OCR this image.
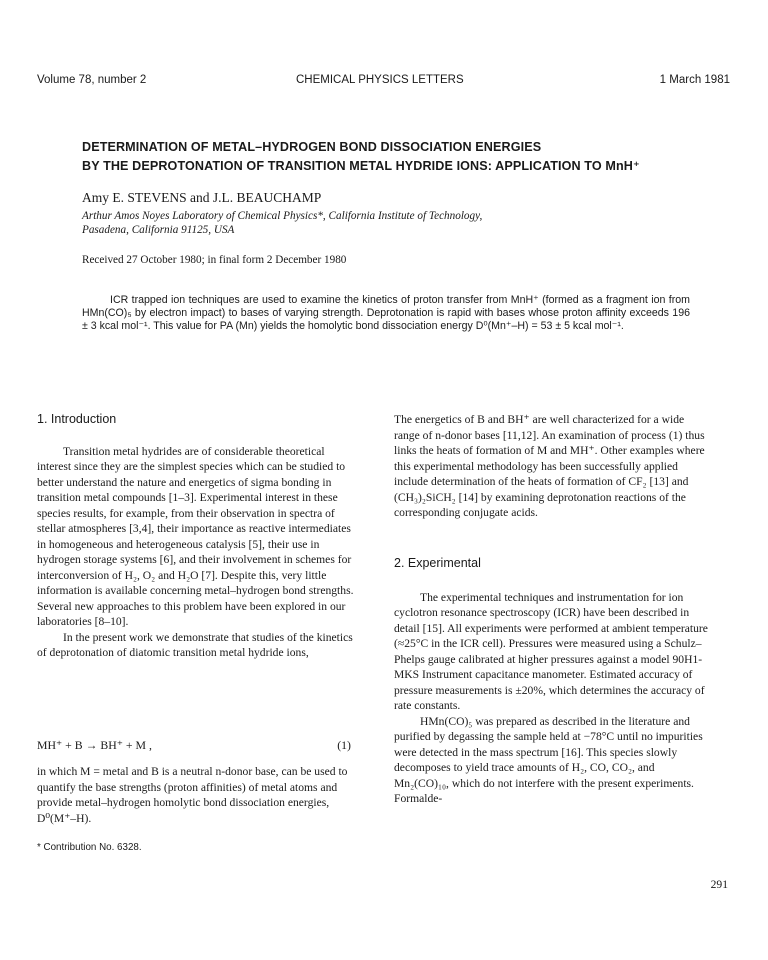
Volume 78, number 2	CHEMICAL PHYSICS LETTERS	1 March 1981
DETERMINATION OF METAL–HYDROGEN BOND DISSOCIATION ENERGIES
BY THE DEPROTONATION OF TRANSITION METAL HYDRIDE IONS: APPLICATION TO MnH⁺
Amy E. STEVENS and J.L. BEAUCHAMP
Arthur Amos Noyes Laboratory of Chemical Physics*, California Institute of Technology,
Pasadena, California 91125, USA
Received 27 October 1980; in final form 2 December 1980
ICR trapped ion techniques are used to examine the kinetics of proton transfer from MnH⁺ (formed as a fragment ion from HMn(CO)₅ by electron impact) to bases of varying strength. Deprotonation is rapid with bases whose proton affinity exceeds 196 ± 3 kcal mol⁻¹. This value for PA (Mn) yields the homolytic bond dissociation energy D⁰(Mn⁺–H) = 53 ± 5 kcal mol⁻¹.
1. Introduction

Transition metal hydrides are of considerable theoretical interest since they are the simplest species which can be studied to better understand the nature and energetics of sigma bonding in transition metal compounds [1–3]. Experimental interest in these species results, for example, from their observation in spectra of stellar atmospheres [3,4], their importance as reactive intermediates in homogeneous and heterogeneous catalysis [5], their use in hydrogen storage systems [6], and their involvement in schemes for interconversion of H₂, O₂ and H₂O [7]. Despite this, very little information is available concerning metal–hydrogen bond strengths. Several new approaches to this problem have been explored in our laboratories [8–10].

In the present work we demonstrate that studies of the kinetics of deprotonation of diatomic transition metal hydride ions,

MH⁺ + B → BH⁺ + M ,	(1)

in which M = metal and B is a neutral n-donor base, can be used to quantify the base strengths (proton affinities) of metal atoms and provide metal–hydrogen homolytic bond dissociation energies, D⁰(M⁺–H).

* Contribution No. 6328.

The energetics of B and BH⁺ are well characterized for a wide range of n-donor bases [11,12]. An examination of process (1) thus links the heats of formation of M and MH⁺. Other examples where this experimental methodology has been successfully applied include determination of the heats of formation of CF₂ [13] and (CH₃)₂SiCH₂ [14] by examining deprotonation reactions of the corresponding conjugate acids.

2. Experimental

The experimental techniques and instrumentation for ion cyclotron resonance spectroscopy (ICR) have been described in detail [15]. All experiments were performed at ambient temperature (≈25°C in the ICR cell). Pressures were measured using a Schulz–Phelps gauge calibrated at higher pressures against a model 90H1-MKS Instrument capacitance manometer. Estimated accuracy of pressure measurements is ±20%, which determines the accuracy of rate constants.

HMn(CO)₅ was prepared as described in the literature and purified by degassing the sample held at −78°C until no impurities were detected in the mass spectrum [16]. This species slowly decomposes to yield trace amounts of H₂, CO, CO₂, and Mn₂(CO)₁₀, which do not interfere with the present experiments. Formalde-

291
